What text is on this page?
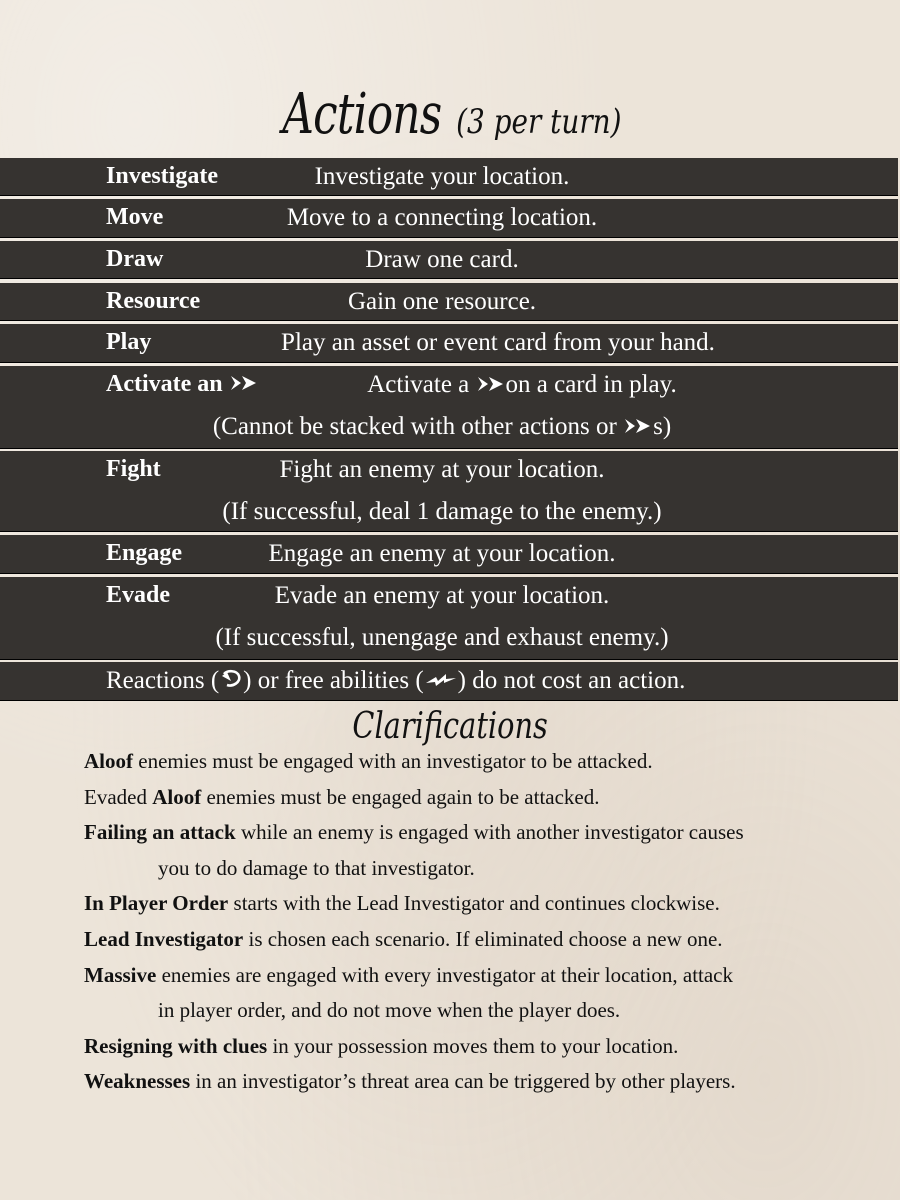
Actions (3 per turn)
Investigate	Investigate your location.
Move	Move to a connecting location.
Draw	Draw one card.
Resource	Gain one resource.
Play	Play an asset or event card from your hand.
Activate an	Activate a on a card in play.
(Cannot be stacked with other actions or s)
Fight	Fight an enemy at your location.
(If successful, deal 1 damage to the enemy.)
Engage	Engage an enemy at your location.
Evade	Evade an enemy at your location.
(If successful, unengage and exhaust enemy.)
Reactions ( ) or free abilities ( ) do not cost an action.
Clarifications
Aloof enemies must be engaged with an investigator to be attacked.
Evaded Aloof enemies must be engaged again to be attacked.
Failing an attack while an enemy is engaged with another investigator causes
you to do damage to that investigator.
In Player Order starts with the Lead Investigator and continues clockwise.
Lead Investigator is chosen each scenario. If eliminated choose a new one.
Massive enemies are engaged with every investigator at their location, attack
in player order, and do not move when the player does.
Resigning with clues in your possession moves them to your location.
Weaknesses in an investigator’s threat area can be triggered by other players.
